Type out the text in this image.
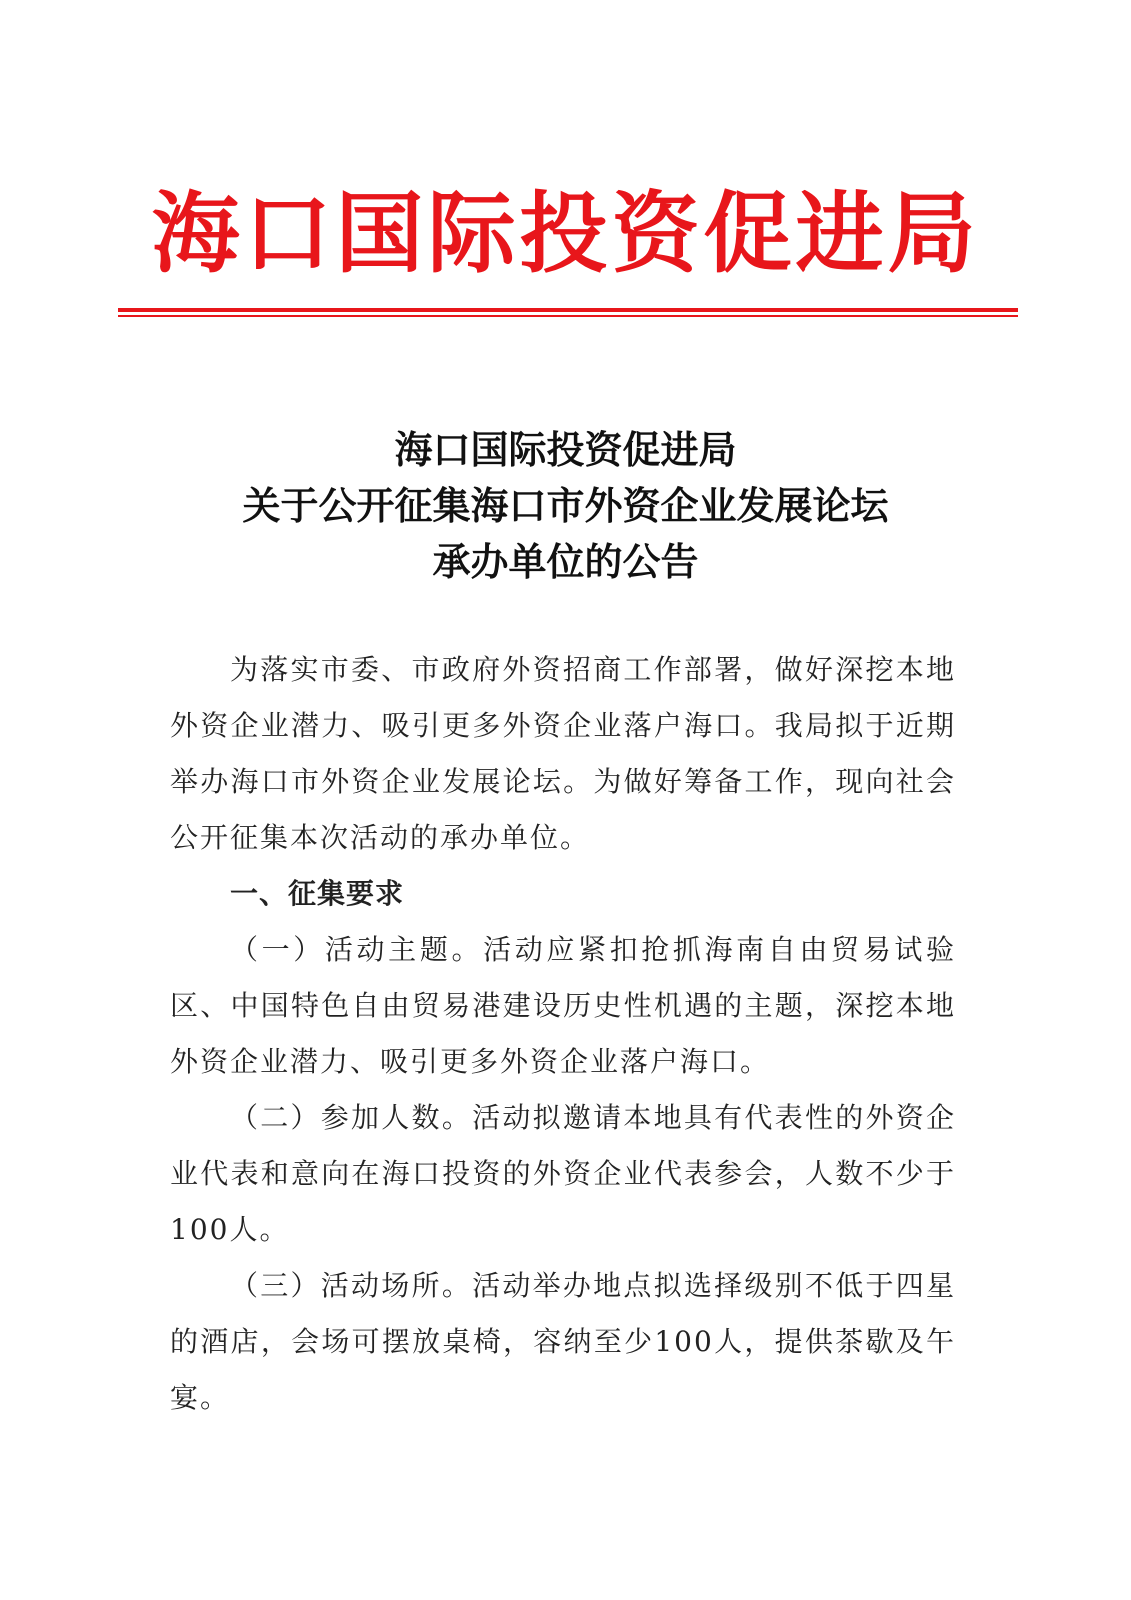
海口国际投资促进局
海口国际投资促进局
关于公开征集海口市外资企业发展论坛
承办单位的公告

为落实市委、市政府外资招商工作部署，做好深挖本地外资企业潜力、吸引更多外资企业落户海口。我局拟于近期举办海口市外资企业发展论坛。为做好筹备工作，现向社会公开征集本次活动的承办单位。

一、征集要求

（一）活动主题。活动应紧扣抢抓海南自由贸易试验区、中国特色自由贸易港建设历史性机遇的主题，深挖本地外资企业潜力、吸引更多外资企业落户海口。

（二）参加人数。活动拟邀请本地具有代表性的外资企业代表和意向在海口投资的外资企业代表参会，人数不少于100人。

（三）活动场所。活动举办地点拟选择级别不低于四星的酒店，会场可摆放桌椅，容纳至少100人，提供茶歇及午宴。
